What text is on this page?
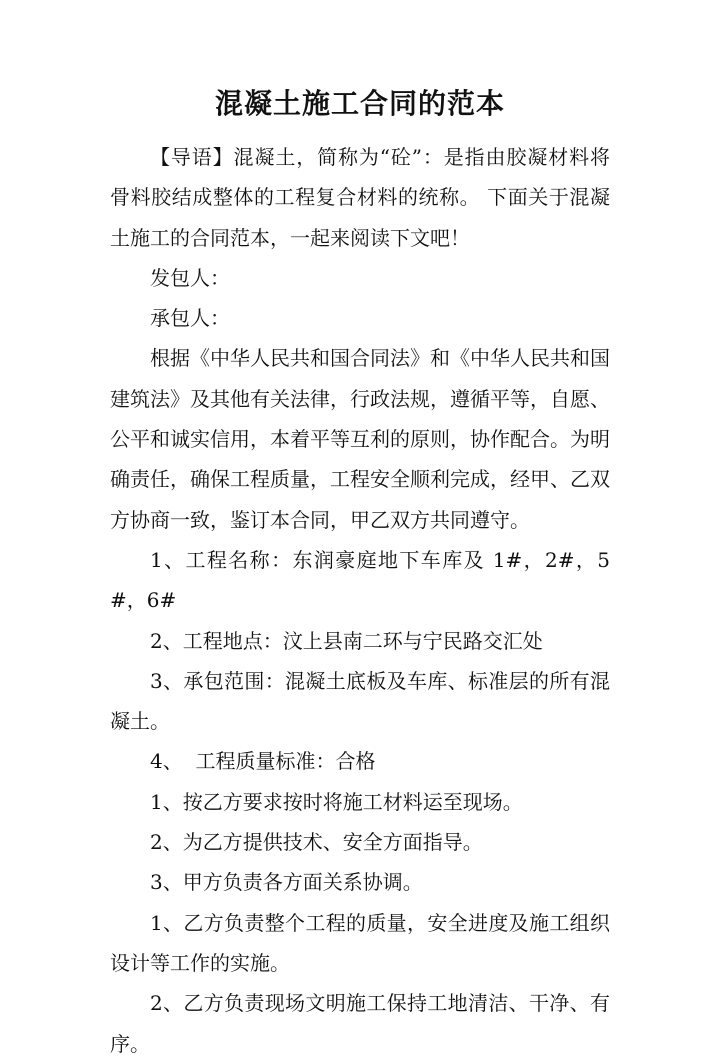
混凝土施工合同的范本

【导语】混凝土，简称为“砼”：是指由胶凝材料将骨料胶结成整体的工程复合材料的统称。 下面关于混凝土施工的合同范本，一起来阅读下文吧！

发包人：

承包人：

根据《中华人民共和国合同法》和《中华人民共和国建筑法》及其他有关法律，行政法规，遵循平等，自愿、公平和诚实信用，本着平等互利的原则，协作配合。为明确责任，确保工程质量，工程安全顺利完成，经甲、乙双方协商一致，鉴订本合同，甲乙双方共同遵守。

1、工程名称：东润豪庭地下车库及 1#，2#，5#，6#

2、工程地点：汶上县南二环与宁民路交汇处

3、承包范围：混凝土底板及车库、标准层的所有混凝土。

4、  工程质量标准：合格

1、按乙方要求按时将施工材料运至现场。

2、为乙方提供技术、安全方面指导。

3、甲方负责各方面关系协调。

1、乙方负责整个工程的质量，安全进度及施工组织设计等工作的实施。

2、乙方负责现场文明施工保持工地清洁、干净、有序。
